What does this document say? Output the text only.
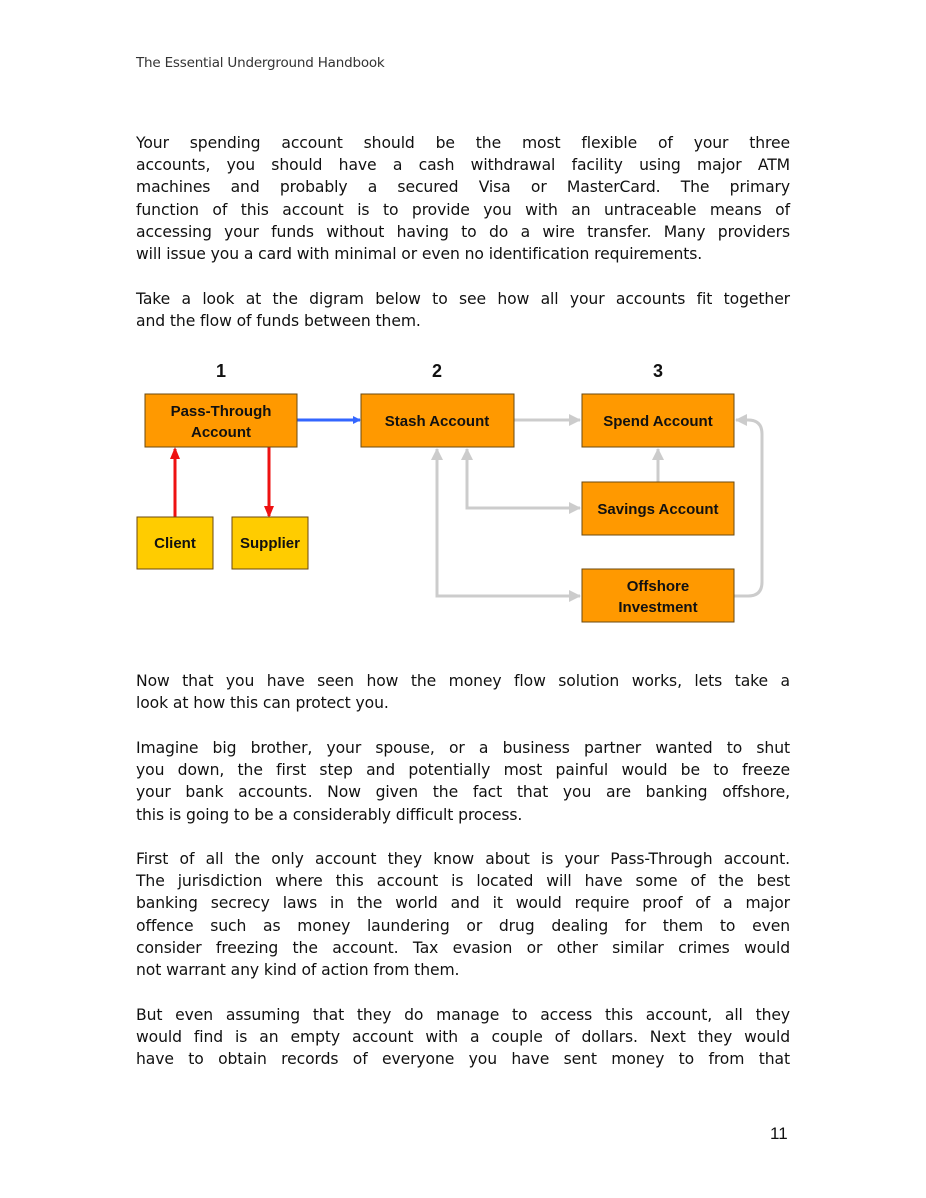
The Essential Underground Handbook
Your spending account should be the most flexible of your three
accounts, you should have a cash withdrawal facility using major ATM
machines and probably a secured Visa or MasterCard. The primary
function of this account is to provide you with an untraceable means of
accessing your funds without having to do a wire transfer. Many providers
will issue you a card with minimal or even no identification requirements.
Take a look at the digram below to see how all your accounts fit together
and the flow of funds between them.
1	2	3
Pass-Through
Account
Stash Account	Spend Account
Savings Account
Offshore
Investment
Client	Supplier
Now that you have seen how the money flow solution works, lets take a
look at how this can protect you.
Imagine big brother, your spouse, or a business partner wanted to shut
you down, the first step and potentially most painful would be to freeze
your bank accounts. Now given the fact that you are banking offshore,
this is going to be a considerably difficult process.
First of all the only account they know about is your Pass-Through account.
The jurisdiction where this account is located will have some of the best
banking secrecy laws in the world and it would require proof of a major
offence such as money laundering or drug dealing for them to even
consider freezing the account. Tax evasion or other similar crimes would
not warrant any kind of action from them.
But even assuming that they do manage to access this account, all they
would find is an empty account with a couple of dollars. Next they would
have to obtain records of everyone you have sent money to from that
11
